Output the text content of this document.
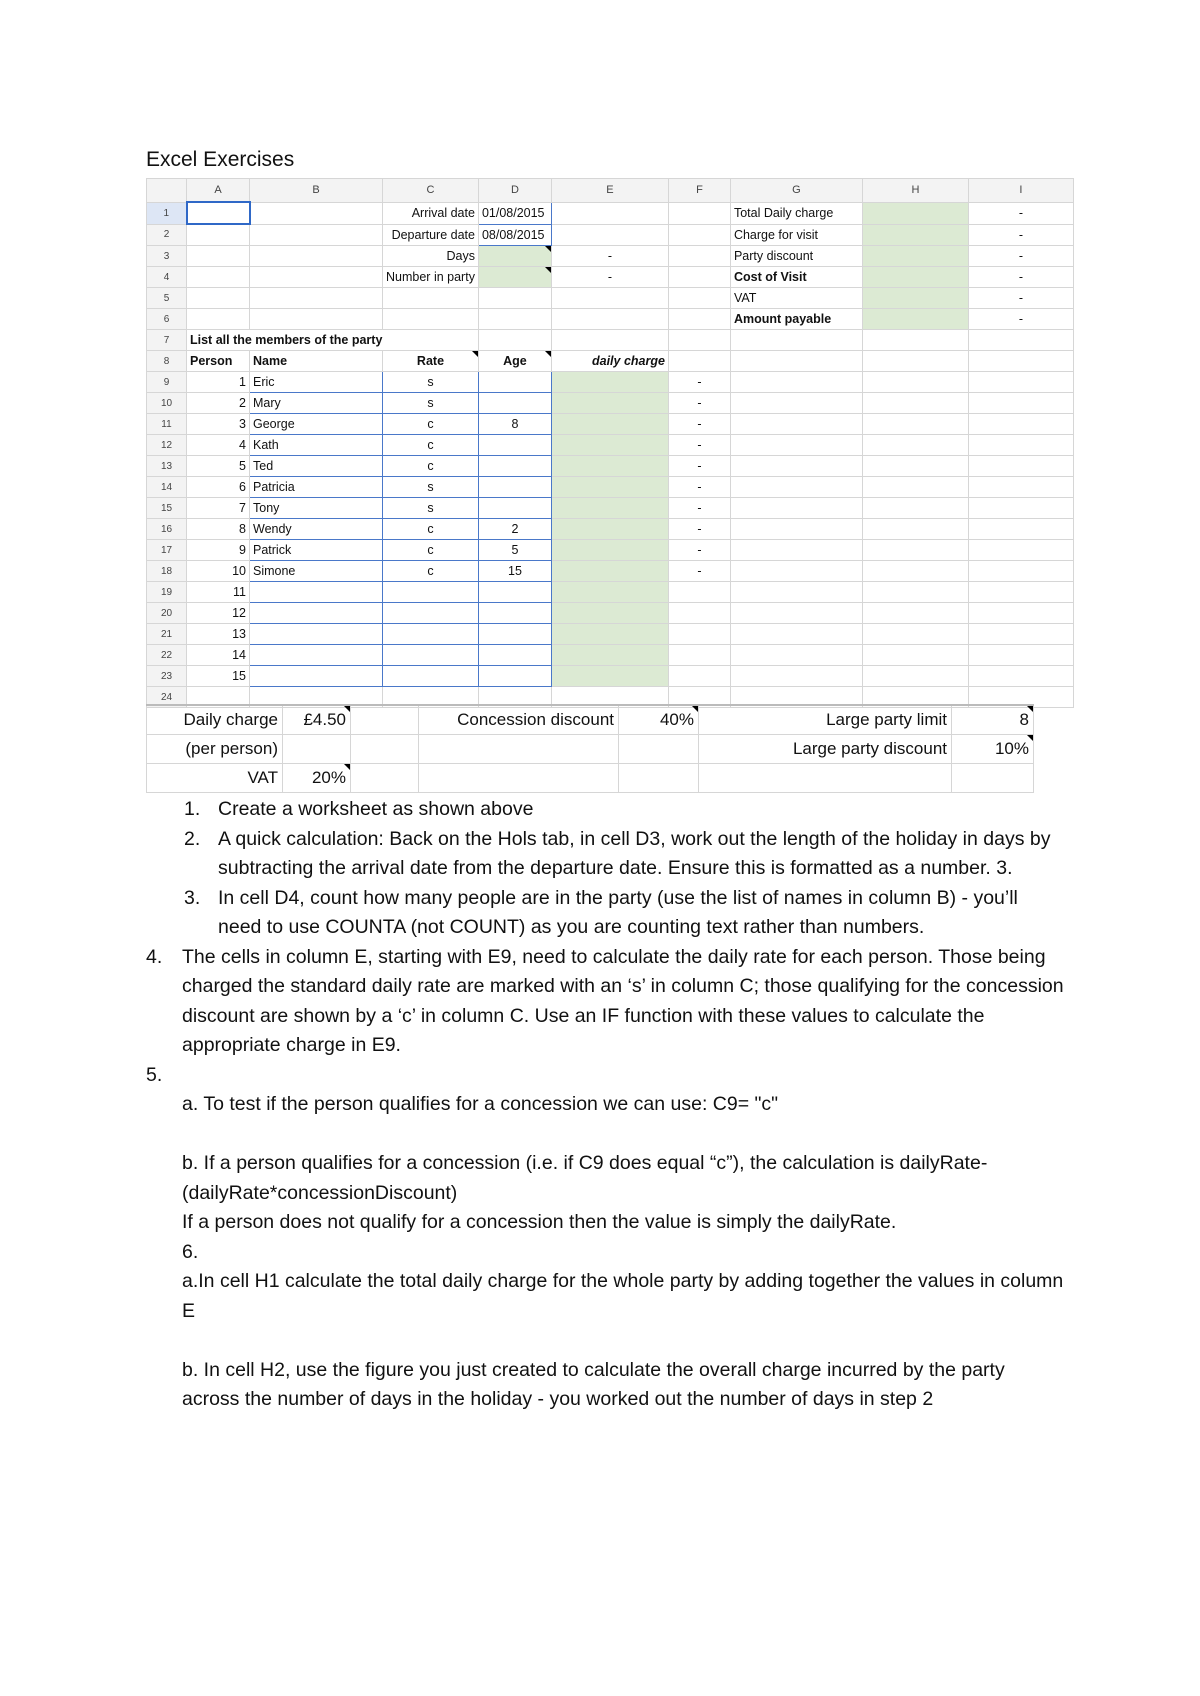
Excel Exercises
	A	B	C	D	E	F	G	H	I
1			Arrival date	01/08/2015			Total Daily charge		-
2			Departure date	08/08/2015			Charge for visit		-
3			Days		-		Party discount		-
4			Number in party		-		Cost of Visit		-
5							VAT		-
6							Amount payable		-
7	List all the members of the party								
8	Person	Name	Rate	Age	daily charge				
9	1	Eric	s			-			
10	2	Mary	s			-			
11	3	George	c	8		-			
12	4	Kath	c			-			
13	5	Ted	c			-			
14	6	Patricia	s			-			
15	7	Tony	s			-			
16	8	Wendy	c	2		-			
17	9	Patrick	c	5		-			
18	10	Simone	c	15		-			
19	11								
20	12								
21	13								
22	14								
23	15								
24									
Daily charge	£4.50		Concession discount	40%	Large party limit	8
(per person)					Large party discount	10%
VAT	20%					
1. Create a worksheet as shown above
2. A quick calculation: Back on the Hols tab, in cell D3, work out the length of the holiday in days by subtracting the arrival date from the departure date. Ensure this is formatted as a number. 3.
3. In cell D4, count how many people are in the party (use the list of names in column B) - you’ll need to use COUNTA (not COUNT) as you are counting text rather than numbers.
4. The cells in column E, starting with E9, need to calculate the daily rate for each person. Those being charged the standard daily rate are marked with an ‘s’ in column C; those qualifying for the concession discount are shown by a ‘c’ in column C. Use an IF function with these values to calculate the appropriate charge in E9.
5.

a. To test if the person qualifies for a concession we can use: C9= "c"
b. If a person qualifies for a concession (i.e. if C9 does equal “c”), the calculation is dailyRate-(dailyRate*concessionDiscount)
If a person does not qualify for a concession then the value is simply the dailyRate.
6.
a.In cell H1 calculate the total daily charge for the whole party by adding together the values in column E
b. In cell H2, use the figure you just created to calculate the overall charge incurred by the party across the number of days in the holiday - you worked out the number of days in step 2
